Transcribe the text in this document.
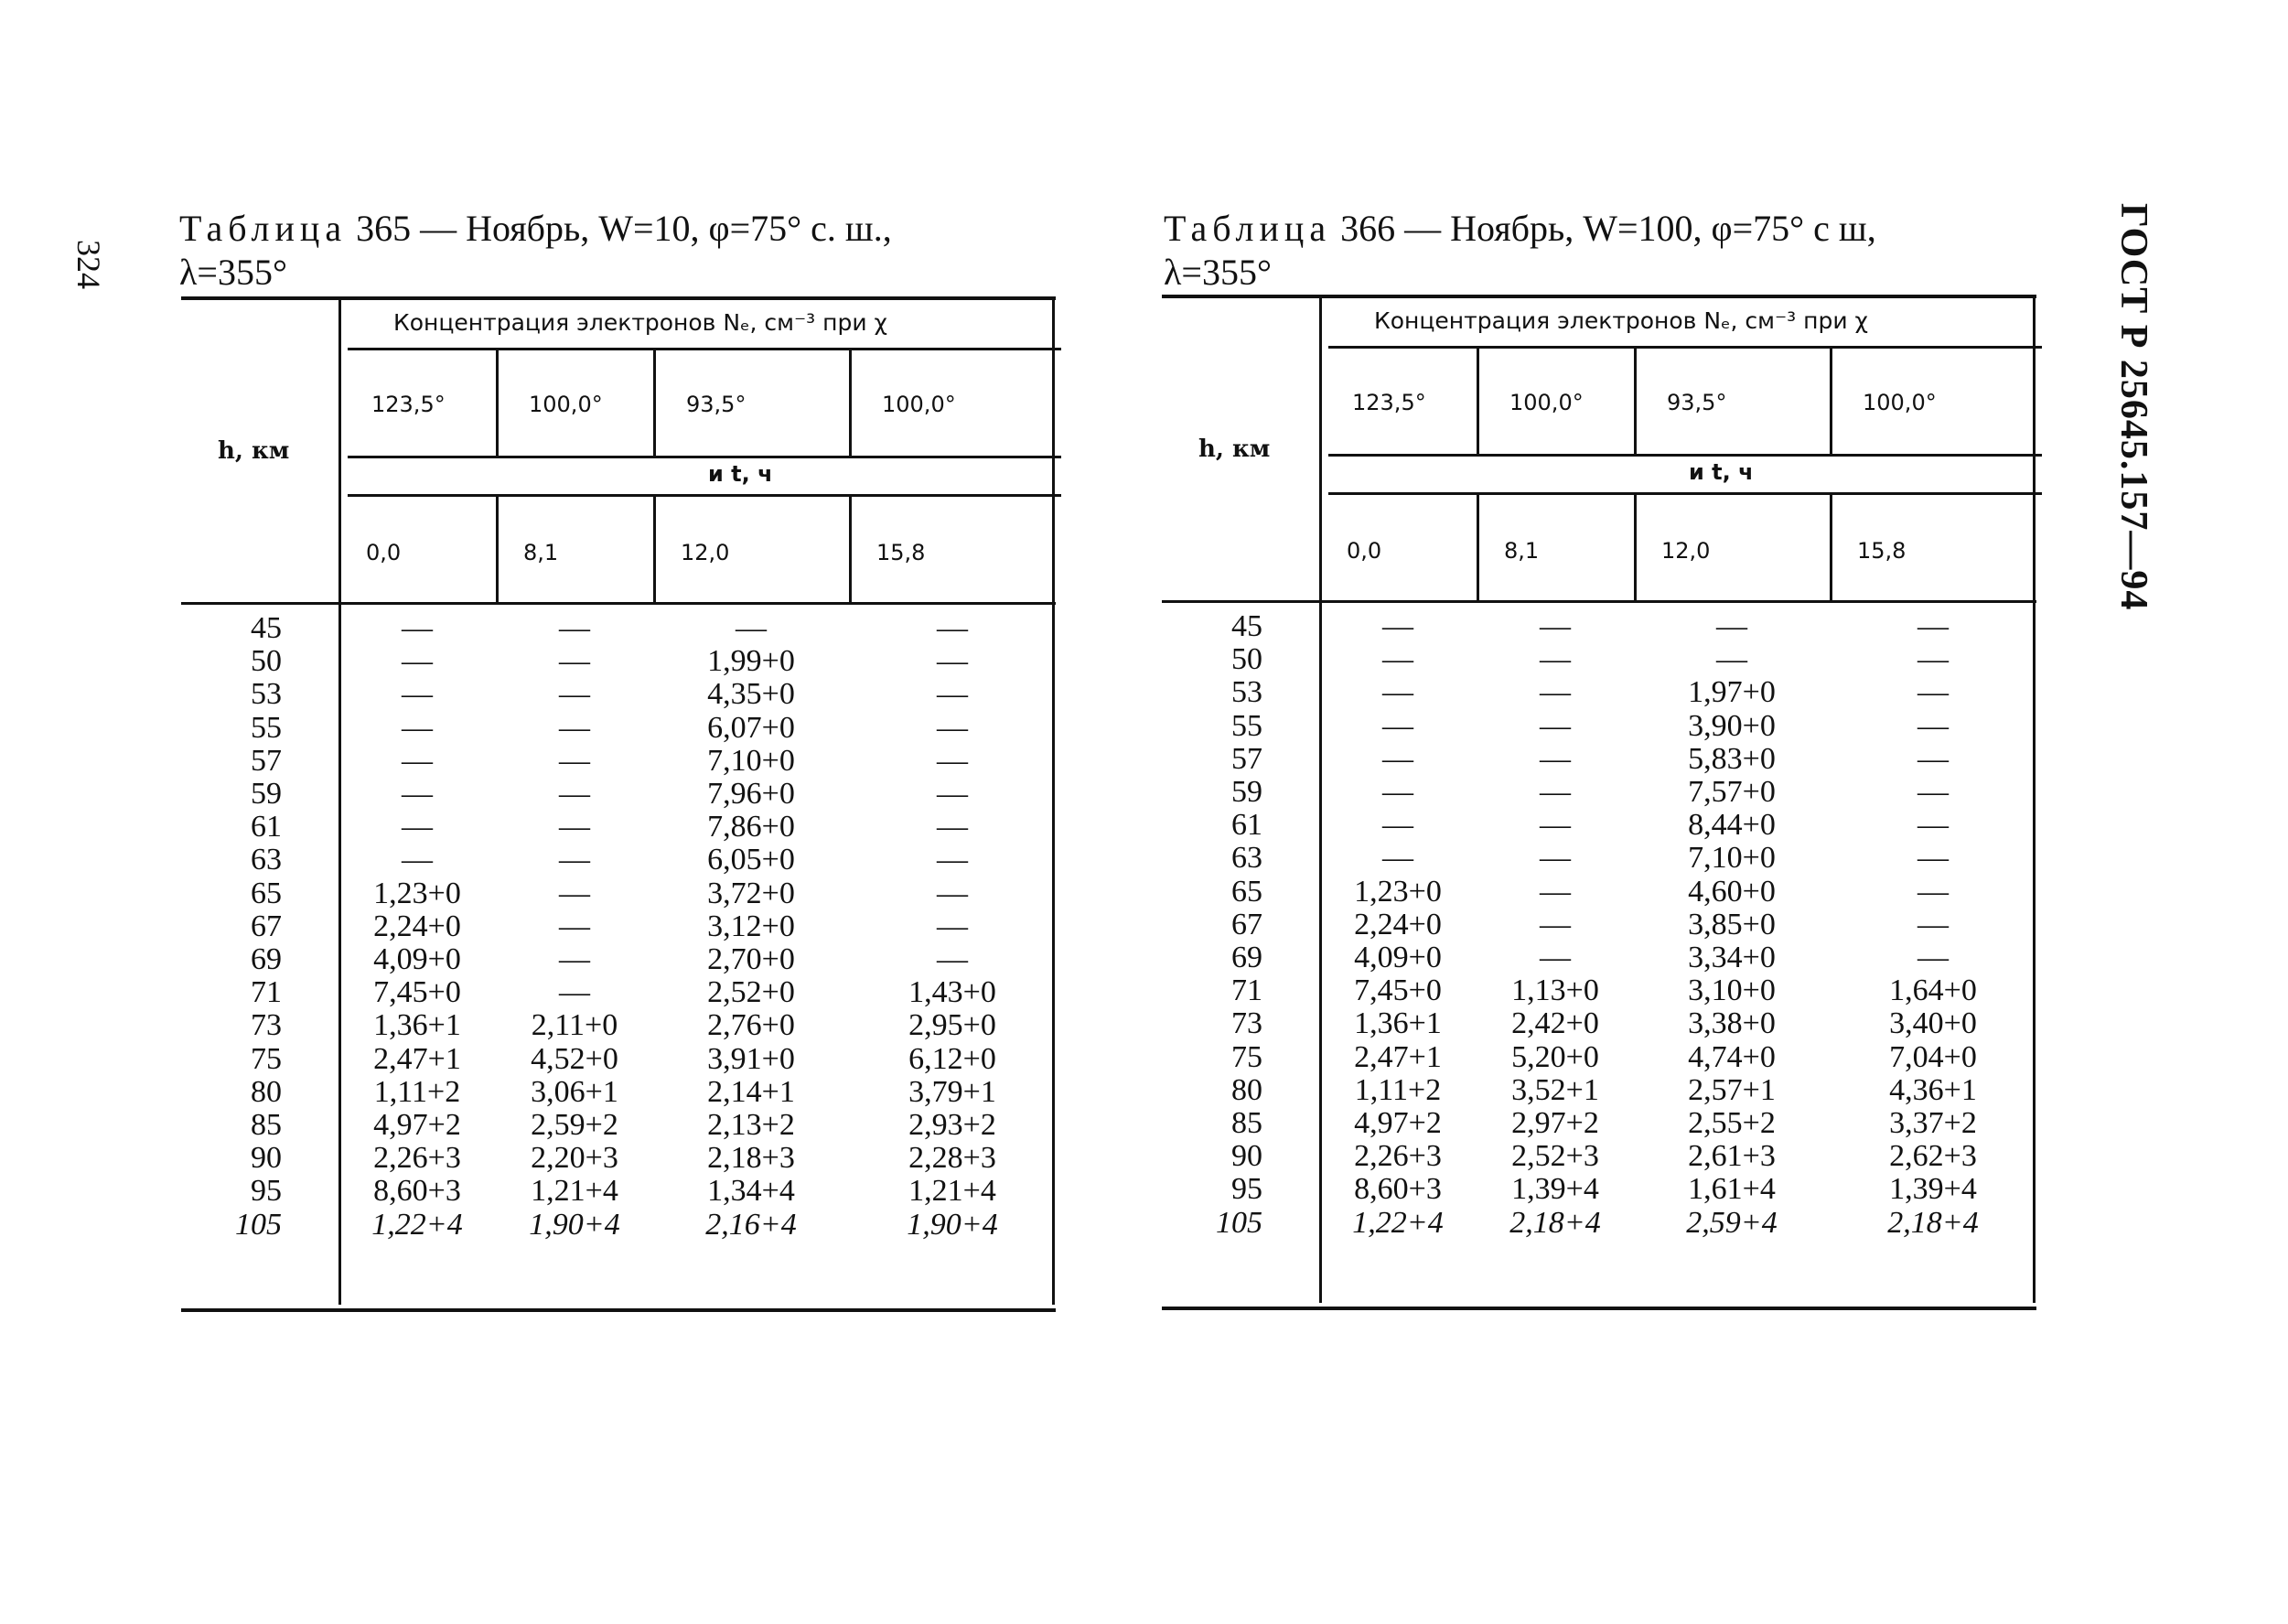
324	ГОСТ Р 25645.157—94
Таблица 365 — Ноябрь, W=10, φ=75° с. ш.,
λ=355°
Концентрация электронов Nₑ, см⁻³ при χ
h, км
и t, ч
123,5°	100,0°	93,5°	100,0°
0,0	8,1	12,0	15,8
45	—	—	—	—
50	—	—	1,99+0	—
53	—	—	4,35+0	—
55	—	—	6,07+0	—
57	—	—	7,10+0	—
59	—	—	7,96+0	—
61	—	—	7,86+0	—
63	—	—	6,05+0	—
65	1,23+0	—	3,72+0	—
67	2,24+0	—	3,12+0	—
69	4,09+0	—	2,70+0	—
71	7,45+0	—	2,52+0	1,43+0
73	1,36+1	2,11+0	2,76+0	2,95+0
75	2,47+1	4,52+0	3,91+0	6,12+0
80	1,11+2	3,06+1	2,14+1	3,79+1
85	4,97+2	2,59+2	2,13+2	2,93+2
90	2,26+3	2,20+3	2,18+3	2,28+3
95	8,60+3	1,21+4	1,34+4	1,21+4
105	1,22+4	1,90+4	2,16+4	1,90+4
Таблица 366 — Ноябрь, W=100, φ=75° с ш,
λ=355°
Концентрация электронов Nₑ, см⁻³ при χ
h, км
и t, ч
123,5°	100,0°	93,5°	100,0°
0,0	8,1	12,0	15,8
45	—	—	—	—
50	—	—	—	—
53	—	—	1,97+0	—
55	—	—	3,90+0	—
57	—	—	5,83+0	—
59	—	—	7,57+0	—
61	—	—	8,44+0	—
63	—	—	7,10+0	—
65	1,23+0	—	4,60+0	—
67	2,24+0	—	3,85+0	—
69	4,09+0	—	3,34+0	—
71	7,45+0	1,13+0	3,10+0	1,64+0
73	1,36+1	2,42+0	3,38+0	3,40+0
75	2,47+1	5,20+0	4,74+0	7,04+0
80	1,11+2	3,52+1	2,57+1	4,36+1
85	4,97+2	2,97+2	2,55+2	3,37+2
90	2,26+3	2,52+3	2,61+3	2,62+3
95	8,60+3	1,39+4	1,61+4	1,39+4
105	1,22+4	2,18+4	2,59+4	2,18+4
